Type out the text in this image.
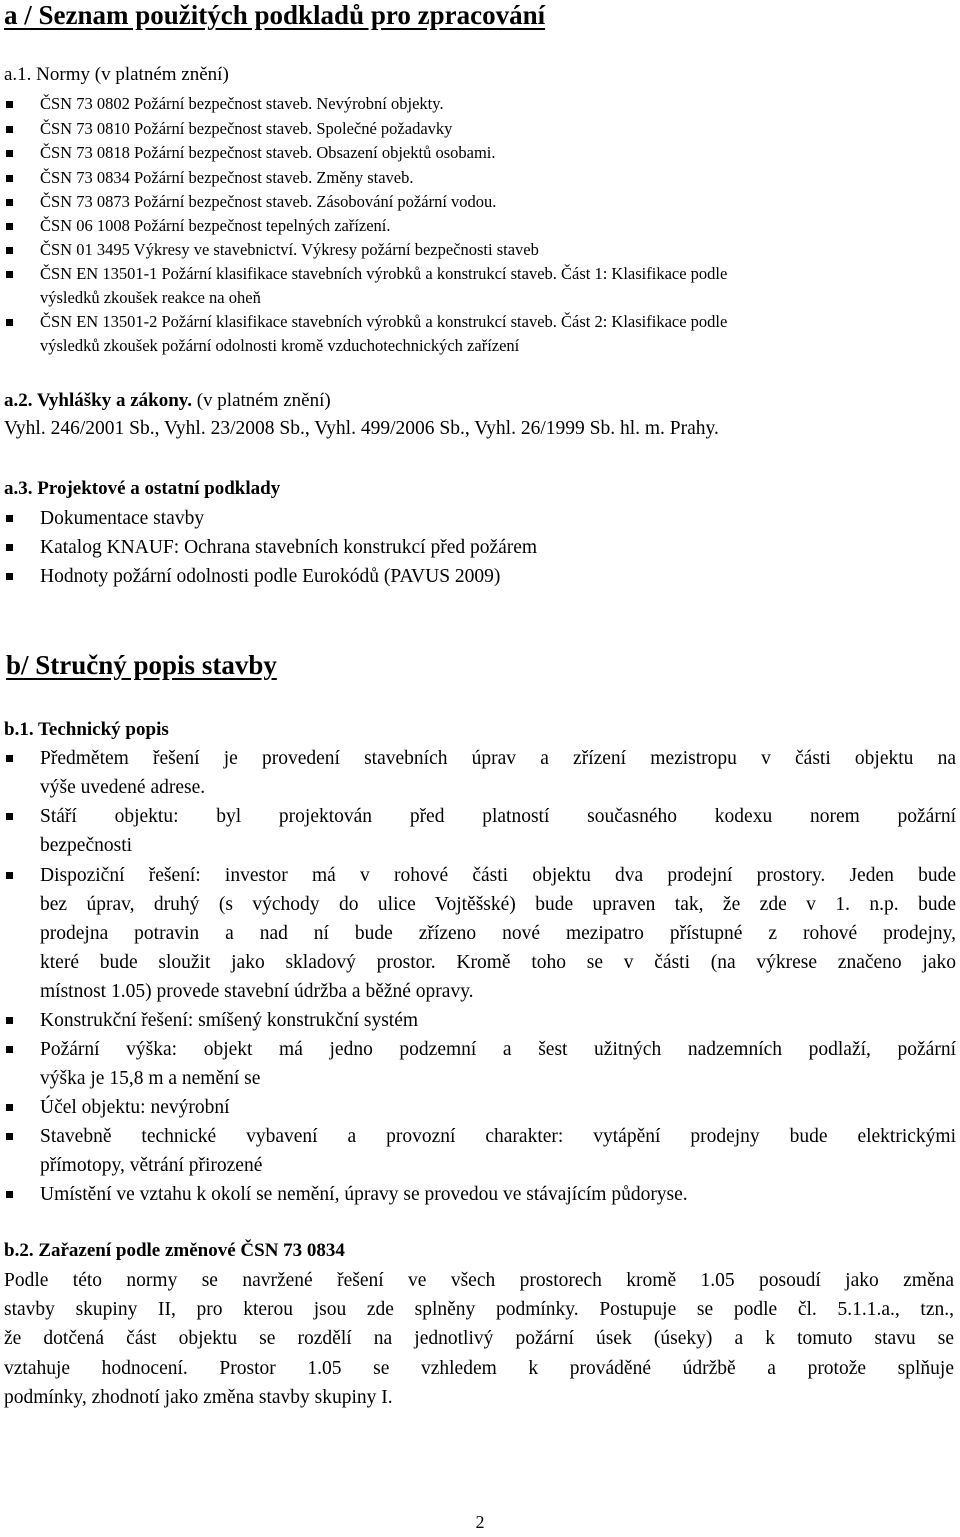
a / Seznam použitých podkladů pro zpracování
a.1. Normy (v platném znění)
ČSN 73 0802 Požární bezpečnost staveb. Nevýrobní objekty.
ČSN 73 0810 Požární bezpečnost staveb. Společné požadavky
ČSN 73 0818 Požární bezpečnost staveb. Obsazení objektů osobami.
ČSN 73 0834 Požární bezpečnost staveb. Změny staveb.
ČSN 73 0873 Požární bezpečnost staveb. Zásobování požární vodou.
ČSN 06 1008 Požární bezpečnost tepelných zařízení.
ČSN 01 3495 Výkresy ve stavebnictví. Výkresy požární bezpečnosti staveb
ČSN EN 13501-1 Požární klasifikace stavebních výrobků a konstrukcí staveb. Část 1: Klasifikace podle
výsledků zkoušek reakce na oheň
ČSN EN 13501-2 Požární klasifikace stavebních výrobků a konstrukcí staveb. Část 2: Klasifikace podle
výsledků zkoušek požární odolnosti kromě vzduchotechnických zařízení
a.2. Vyhlášky a zákony. (v platném znění)
Vyhl. 246/2001 Sb., Vyhl. 23/2008 Sb., Vyhl. 499/2006 Sb., Vyhl. 26/1999 Sb. hl. m. Prahy.
a.3. Projektové a ostatní podklady
Dokumentace stavby
Katalog KNAUF: Ochrana stavebních konstrukcí před požárem
Hodnoty požární odolnosti podle Eurokódů (PAVUS 2009)
b/ Stručný popis stavby
b.1. Technický popis
Předmětem řešení je provedení stavebních úprav a zřízení mezistropu v části objektu na
výše uvedené adrese.
Stáří objektu: byl projektován před platností současného kodexu norem požární
bezpečnosti
Dispoziční řešení: investor má v rohové části objektu dva prodejní prostory. Jeden bude
bez úprav, druhý (s východy do ulice Vojtěšské) bude upraven tak, že zde v 1. n.p. bude
prodejna potravin a nad ní bude zřízeno nové mezipatro přístupné z rohové prodejny,
které bude sloužit jako skladový prostor. Kromě toho se v části (na výkrese značeno jako
místnost 1.05) provede stavební údržba a běžné opravy.
Konstrukční řešení: smíšený konstrukční systém
Požární výška: objekt má jedno podzemní a šest užitných nadzemních podlaží, požární
výška je 15,8 m a nemění se
Účel objektu: nevýrobní
Stavebně technické vybavení a provozní charakter: vytápění prodejny bude elektrickými
přímotopy, větrání přirozené
Umístění ve vztahu k okolí se nemění, úpravy se provedou ve stávajícím půdoryse.
b.2. Zařazení podle změnové ČSN 73 0834
Podle této normy se navržené řešení ve všech prostorech kromě 1.05 posoudí jako změna
stavby skupiny II, pro kterou jsou zde splněny podmínky. Postupuje se podle čl. 5.1.1.a., tzn.,
že dotčená část objektu se rozdělí na jednotlivý požární úsek (úseky) a k tomuto stavu se
vztahuje hodnocení. Prostor 1.05 se vzhledem k prováděné údržbě a protože splňuje
podmínky, zhodnotí jako změna stavby skupiny I.
2
